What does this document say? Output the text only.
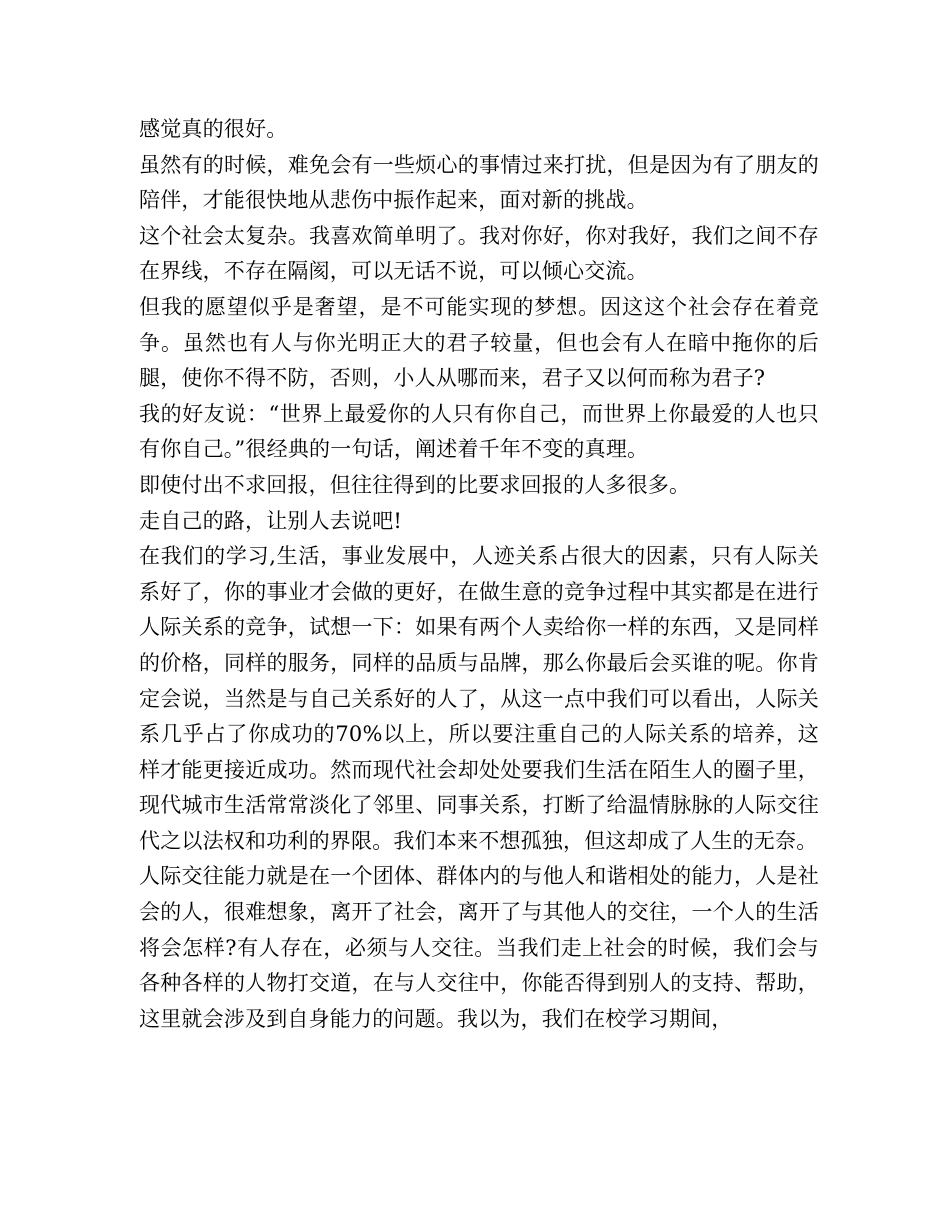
感觉真的很好。

虽然有的时候，难免会有一些烦心的事情过来打扰，但是因为有了朋友的陪伴，才能很快地从悲伤中振作起来，面对新的挑战。

这个社会太复杂。我喜欢简单明了。我对你好，你对我好，我们之间不存在界线，不存在隔阂，可以无话不说，可以倾心交流。

但我的愿望似乎是奢望，是不可能实现的梦想。因这这个社会存在着竞争。虽然也有人与你光明正大的君子较量，但也会有人在暗中拖你的后腿，使你不得不防，否则，小人从哪而来，君子又以何而称为君子?

我的好友说：“世界上最爱你的人只有你自己，而世界上你最爱的人也只有你自己。”很经典的一句话，阐述着千年不变的真理。

即使付出不求回报，但往往得到的比要求回报的人多很多。

走自己的路，让别人去说吧!

在我们的学习,生活，事业发展中，人迹关系占很大的因素，只有人际关系好了，你的事业才会做的更好，在做生意的竞争过程中其实都是在进行人际关系的竞争，试想一下：如果有两个人卖给你一样的东西，又是同样的价格，同样的服务，同样的品质与品牌，那么你最后会买谁的呢。你肯定会说，当然是与自己关系好的人了，从这一点中我们可以看出，人际关系几乎占了你成功的70%以上，所以要注重自己的人际关系的培养，这样才能更接近成功。然而现代社会却处处要我们生活在陌生人的圈子里，现代城市生活常常淡化了邻里、同事关系，打断了给温情脉脉的人际交往代之以法权和功利的界限。我们本来不想孤独，但这却成了人生的无奈。

人际交往能力就是在一个团体、群体内的与他人和谐相处的能力，人是社会的人，很难想象，离开了社会，离开了与其他人的交往，一个人的生活将会怎样?有人存在，必须与人交往。当我们走上社会的时候，我们会与各种各样的人物打交道，在与人交往中，你能否得到别人的支持、帮助，这里就会涉及到自身能力的问题。我以为，我们在校学习期间，
